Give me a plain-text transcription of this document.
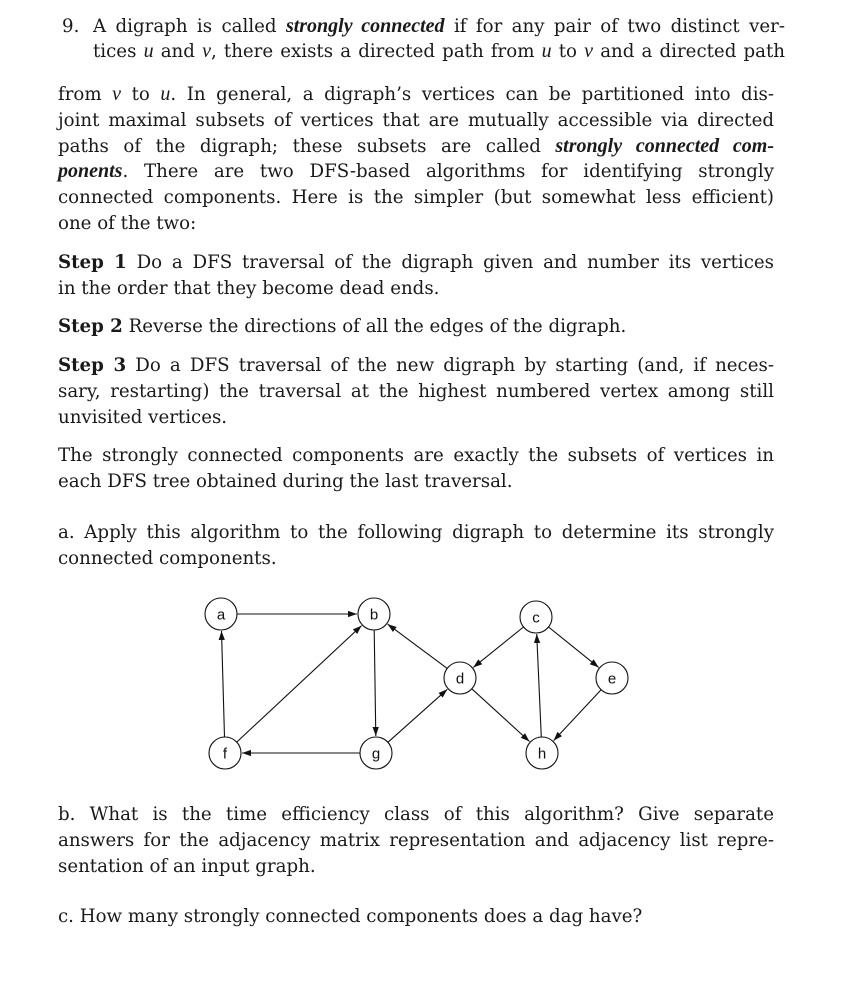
9. A digraph is called strongly connected if for any pair of two distinct ver-
tices u and v, there exists a directed path from u to v and a directed path
from v to u. In general, a digraph’s vertices can be partitioned into dis-
joint maximal subsets of vertices that are mutually accessible via directed
paths of the digraph; these subsets are called strongly connected com-
ponents. There are two DFS-based algorithms for identifying strongly
connected components. Here is the simpler (but somewhat less efficient)
one of the two:
Step 1 Do a DFS traversal of the digraph given and number its vertices
in the order that they become dead ends.
Step 2 Reverse the directions of all the edges of the digraph.
Step 3 Do a DFS traversal of the new digraph by starting (and, if neces-
sary, restarting) the traversal at the highest numbered vertex among still
unvisited vertices.
The strongly connected components are exactly the subsets of vertices in
each DFS tree obtained during the last traversal.
a. Apply this algorithm to the following digraph to determine its strongly
connected components.
a	b	c
d	e
f	g	h
b. What is the time efficiency class of this algorithm? Give separate
answers for the adjacency matrix representation and adjacency list repre-
sentation of an input graph.
c. How many strongly connected components does a dag have?
